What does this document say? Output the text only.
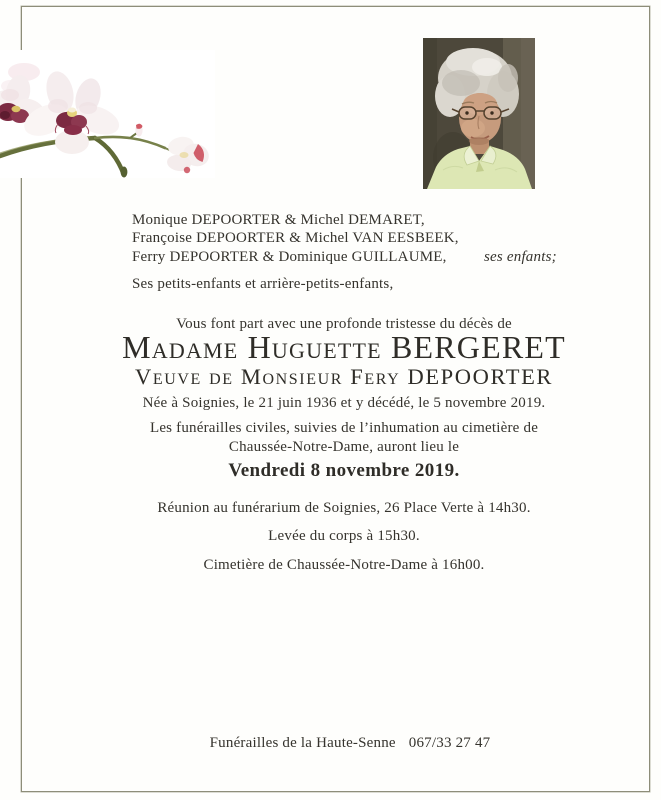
Monique DEPOORTER & Michel DEMARET,
Françoise DEPOORTER & Michel VAN EESBEEK,
Ferry DEPOORTER & Dominique GUILLAUME, ses enfants;
Ses petits-enfants et arrière-petits-enfants,
Vous font part avec une profonde tristesse du décès de
Madame Huguette BERGERET
Veuve de Monsieur Fery DEPOORTER
Née à Soignies, le 21 juin 1936 et y décédé, le 5 novembre 2019.
Les funérailles civiles, suivies de l’inhumation au cimetière de
Chaussée-Notre-Dame, auront lieu le
Vendredi 8 novembre 2019.
Réunion au funérarium de Soignies, 26 Place Verte à 14h30.
Levée du corps à 15h30.
Cimetière de Chaussée-Notre-Dame à 16h00.
Funérailles de la Haute-Senne 067/33 27 47
